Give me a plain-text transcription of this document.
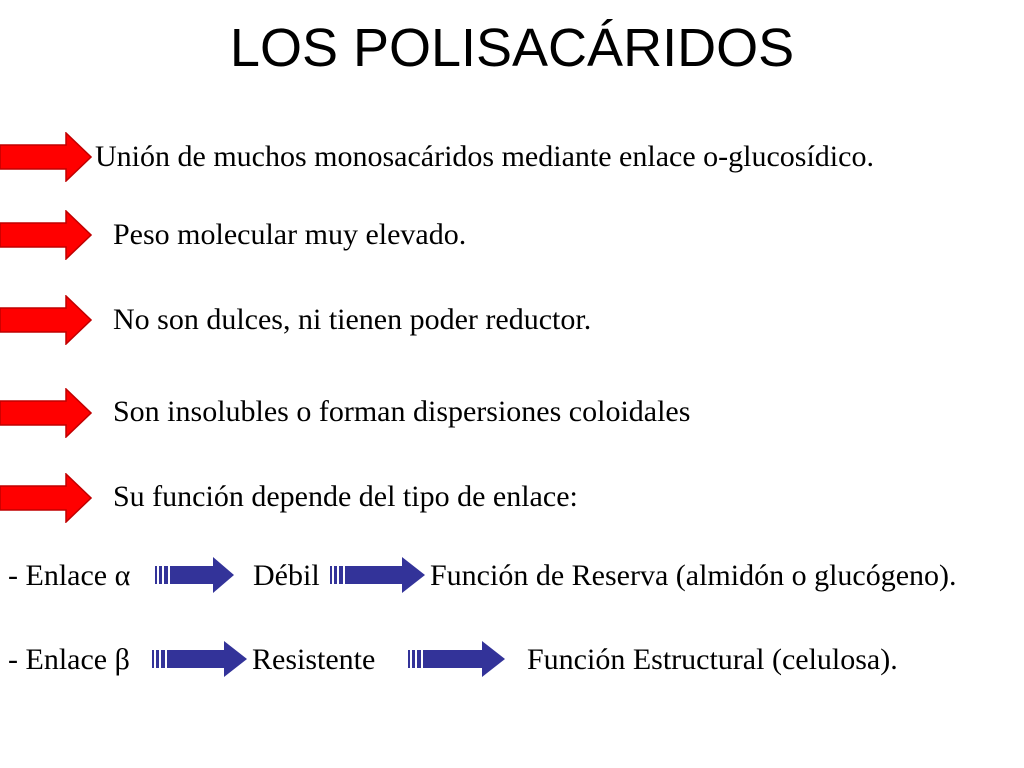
LOS POLISACÁRIDOS
Unión de muchos monosacáridos mediante enlace o-glucosídico.
Peso molecular muy elevado.
No son dulces, ni tienen poder reductor.
Son insolubles o forman dispersiones coloidales
Su función depende del tipo de enlace:
- Enlace α	Débil	Función de Reserva (almidón o glucógeno).
- Enlace β	Resistente	Función Estructural (celulosa).
